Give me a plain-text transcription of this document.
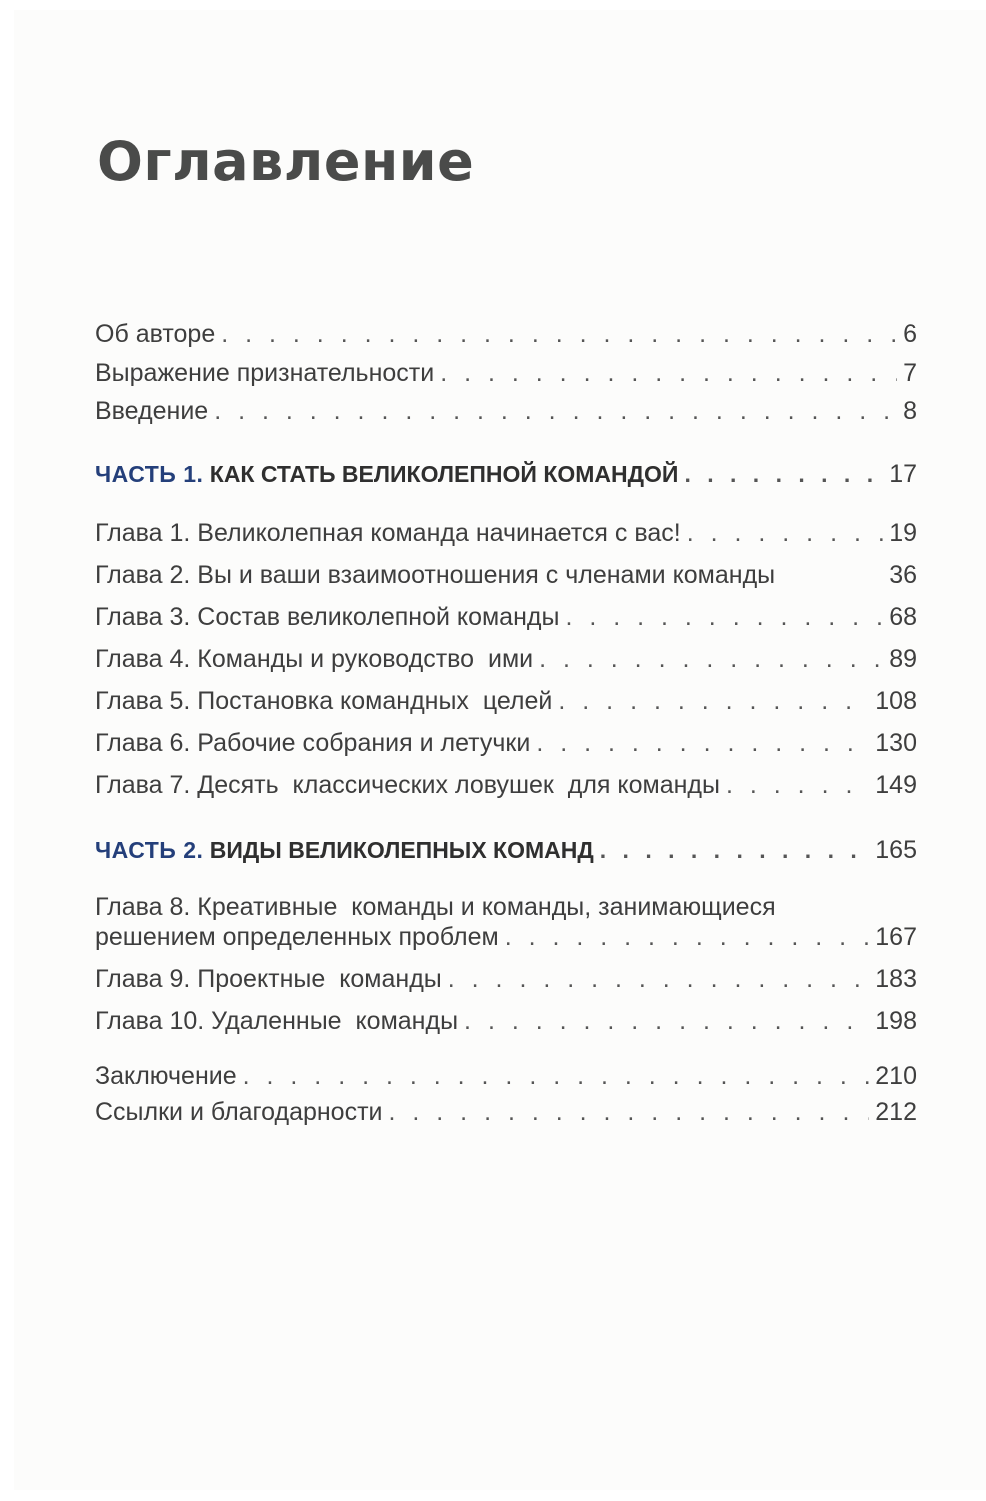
Оглавление
Об авторе . . .	6
Выражение признательности . . .	7
Введение . . .	8
ЧАСТЬ 1. КАК СТАТЬ ВЕЛИКОЛЕПНОЙ КОМАНДОЙ . . .	17
Глава 1. Великолепная команда начинается с вас! . . .	19
Глава 2. Вы и ваши взаимоотношения с членами команды	36
Глава 3. Состав великолепной команды . . .	68
Глава 4. Команды и руководство  ими . . .	89
Глава 5. Постановка командных  целей . . .	108
Глава 6. Рабочие собрания и летучки . . .	130
Глава 7. Десять  классических ловушек  для команды . . .	149
ЧАСТЬ 2. ВИДЫ ВЕЛИКОЛЕПНЫХ КОМАНД . . .	165
Глава 8. Креативные  команды и команды, занимающиеся
решением определенных проблем . . .	167
Глава 9. Проектные  команды . . .	183
Глава 10. Удаленные  команды . . .	198
Заключение . . .	210
Ссылки и благодарности . . .	212
